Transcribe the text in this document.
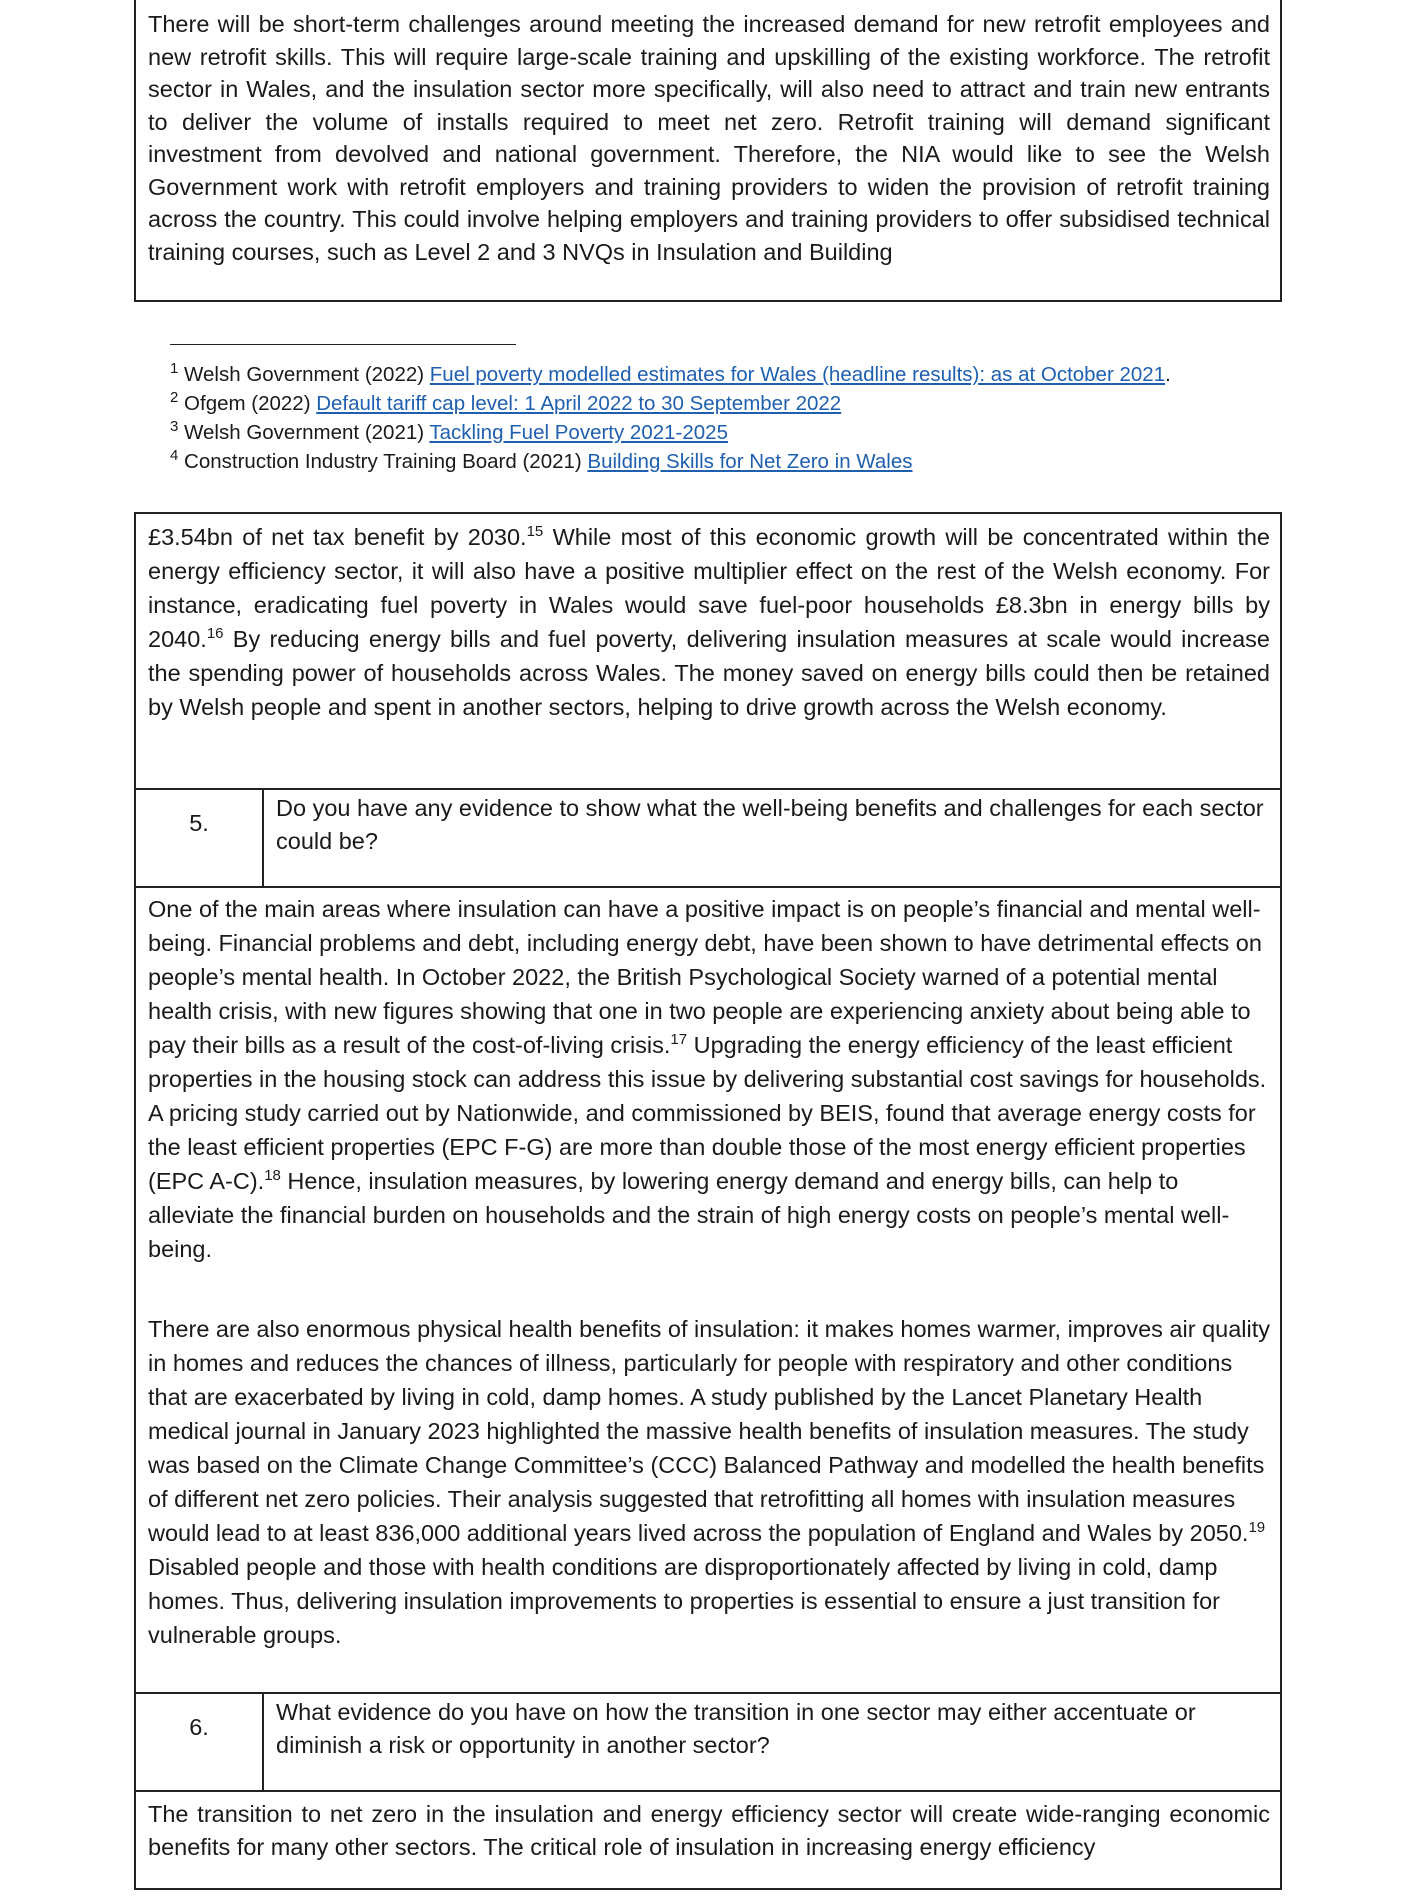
There will be short-term challenges around meeting the increased demand for new retrofit employees and new retrofit skills. This will require large-scale training and upskilling of the existing workforce. The retrofit sector in Wales, and the insulation sector more specifically, will also need to attract and train new entrants to deliver the volume of installs required to meet net zero. Retrofit training will demand significant investment from devolved and national government. Therefore, the NIA would like to see the Welsh Government work with retrofit employers and training providers to widen the provision of retrofit training across the country. This could involve helping employers and training providers to offer subsidised technical training courses, such as Level 2 and 3 NVQs in Insulation and Building
$^1$ Welsh Government (2022) Fuel poverty modelled estimates for Wales (headline results): as at October 2021.
$^2$ Ofgem (2022) Default tariff cap level: 1 April 2022 to 30 September 2022
$^3$ Welsh Government (2021) Tackling Fuel Poverty 2021-2025
$^4$ Construction Industry Training Board (2021) Building Skills for Net Zero in Wales
£3.54bn of net tax benefit by 2030.15 While most of this economic growth will be concentrated within the energy efficiency sector, it will also have a positive multiplier effect on the rest of the Welsh economy. For instance, eradicating fuel poverty in Wales would save fuel-poor households £8.3bn in energy bills by 2040.16 By reducing energy bills and fuel poverty, delivering insulation measures at scale would increase the spending power of households across Wales. The money saved on energy bills could then be retained by Welsh people and spent in another sectors, helping to drive growth across the Welsh economy.
5.
Do you have any evidence to show what the well-being benefits and challenges for each sector could be?
One of the main areas where insulation can have a positive impact is on people’s financial and mental well-being. Financial problems and debt, including energy debt, have been shown to have detrimental effects on people’s mental health. In October 2022, the British Psychological Society warned of a potential mental health crisis, with new figures showing that one in two people are experiencing anxiety about being able to pay their bills as a result of the cost-of-living crisis.$^{17}$ Upgrading the energy efficiency of the least efficient properties in the housing stock can address this issue by delivering substantial cost savings for households. A pricing study carried out by Nationwide, and commissioned by BEIS, found that average energy costs for the least efficient properties (EPC F-G) are more than double those of the most energy efficient properties (EPC A-C).$^{18}$ Hence, insulation measures, by lowering energy demand and energy bills, can help to alleviate the financial burden on households and the strain of high energy costs on people’s mental well-being.
There are also enormous physical health benefits of insulation: it makes homes warmer, improves air quality in homes and reduces the chances of illness, particularly for people with respiratory and other conditions that are exacerbated by living in cold, damp homes. A study published by the Lancet Planetary Health medical journal in January 2023 highlighted the massive health benefits of insulation measures. The study was based on the Climate Change Committee’s (CCC) Balanced Pathway and modelled the health benefits of different net zero policies. Their analysis suggested that retrofitting all homes with insulation measures would lead to at least 836,000 additional years lived across the population of England and Wales by 2050.19 Disabled people and those with health conditions are disproportionately affected by living in cold, damp homes. Thus, delivering insulation improvements to properties is essential to ensure a just transition for vulnerable groups.
6.
What evidence do you have on how the transition in one sector may either accentuate or diminish a risk or opportunity in another sector?
The transition to net zero in the insulation and energy efficiency sector will create wide-ranging economic benefits for many other sectors. The critical role of insulation in increasing energy efficiency
